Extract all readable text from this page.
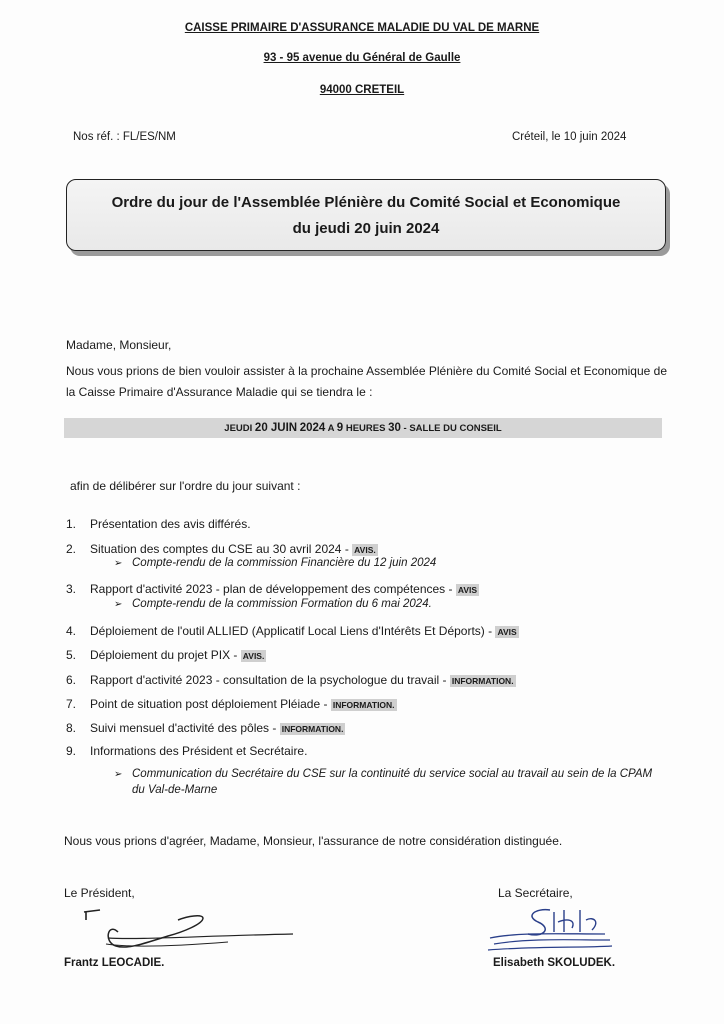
CAISSE PRIMAIRE D'ASSURANCE MALADIE DU VAL DE MARNE
93 - 95 avenue du Général de Gaulle
94000 CRETEIL
Nos réf. : FL/ES/NM	Créteil, le 10 juin 2024
Ordre du jour de l'Assemblée Plénière du Comité Social et Economique
du jeudi 20 juin 2024
Madame, Monsieur,
Nous vous prions de bien vouloir assister à la prochaine Assemblée Plénière du Comité Social et Economique de
la Caisse Primaire d'Assurance Maladie qui se tiendra le :
JEUDI 20 JUIN 2024 A 9 HEURES 30 - SALLE DU CONSEIL
afin de délibérer sur l'ordre du jour suivant :
1. Présentation des avis différés.
2. Situation des comptes du CSE au 30 avril 2024 - AVIS.
➢ Compte-rendu de la commission Financière du 12 juin 2024
3. Rapport d'activité 2023 - plan de développement des compétences - AVIS
➢ Compte-rendu de la commission Formation du 6 mai 2024.
4. Déploiement de l'outil ALLIED (Applicatif Local Liens d'Intérêts Et Déports) - AVIS
5. Déploiement du projet PIX - AVIS.
6. Rapport d'activité 2023 - consultation de la psychologue du travail - INFORMATION.
7. Point de situation post déploiement Pléiade - INFORMATION.
8. Suivi mensuel d'activité des pôles - INFORMATION.
9. Informations des Président et Secrétaire.
➢ Communication du Secrétaire du CSE sur la continuité du service social au travail au sein de la CPAM
du Val-de-Marne
Nous vous prions d'agréer, Madame, Monsieur, l'assurance de notre considération distinguée.
Le Président,
Frantz LEOCADIE.
La Secrétaire,
Elisabeth SKOLUDEK.
